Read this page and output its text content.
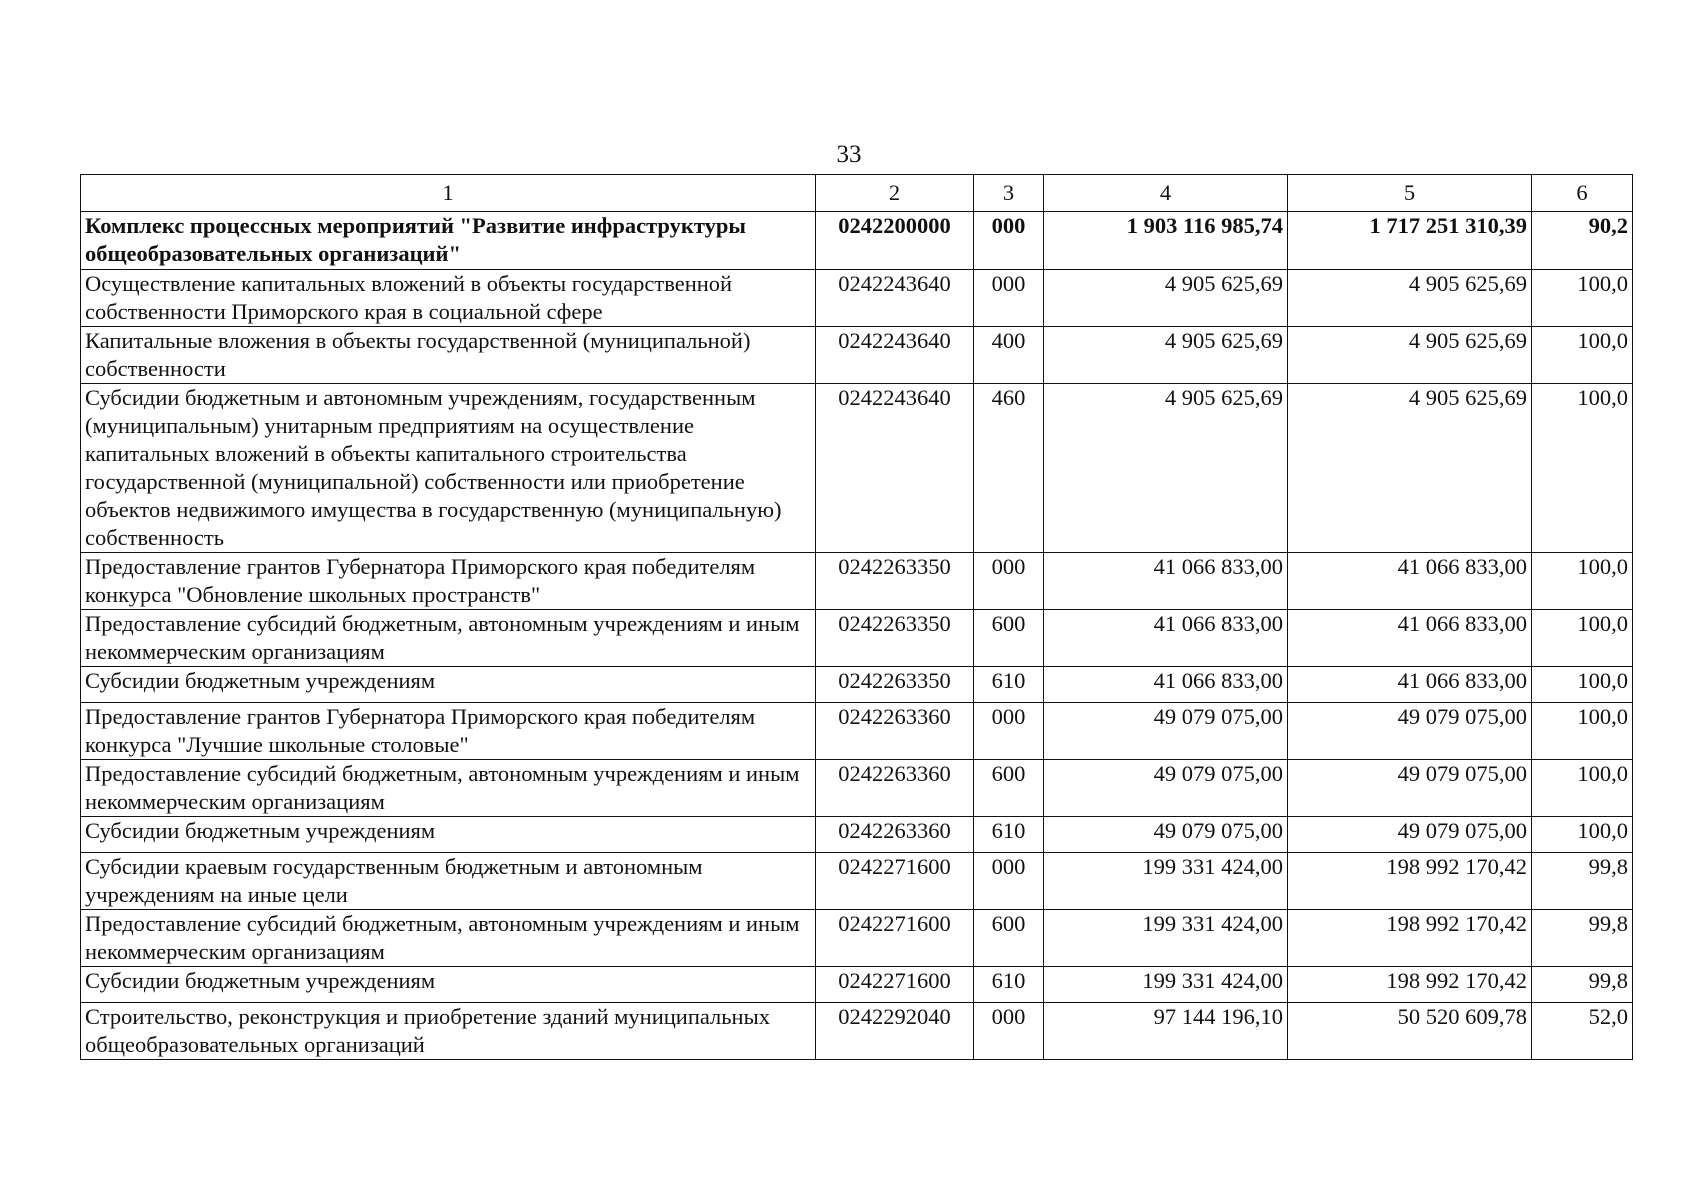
33
1	2	3	4	5	6
Комплекс процессных мероприятий "Развитие инфраструктуры общеобразовательных организаций"	0242200000	000	1 903 116 985,74	1 717 251 310,39	90,2
Осуществление капитальных вложений в объекты государственной собственности Приморского края в социальной сфере	0242243640	000	4 905 625,69	4 905 625,69	100,0
Капитальные вложения в объекты государственной (муниципальной) собственности	0242243640	400	4 905 625,69	4 905 625,69	100,0
Субсидии бюджетным и автономным учреждениям, государственным (муниципальным) унитарным предприятиям на осуществление капитальных вложений в объекты капитального строительства государственной (муниципальной) собственности или приобретение объектов недвижимого имущества в государственную (муниципальную) собственность	0242243640	460	4 905 625,69	4 905 625,69	100,0
Предоставление грантов Губернатора Приморского края победителям конкурса "Обновление школьных пространств"	0242263350	000	41 066 833,00	41 066 833,00	100,0
Предоставление субсидий бюджетным, автономным учреждениям и иным некоммерческим организациям	0242263350	600	41 066 833,00	41 066 833,00	100,0
Субсидии бюджетным учреждениям	0242263350	610	41 066 833,00	41 066 833,00	100,0
Предоставление грантов Губернатора Приморского края победителям конкурса "Лучшие школьные столовые"	0242263360	000	49 079 075,00	49 079 075,00	100,0
Предоставление субсидий бюджетным, автономным учреждениям и иным некоммерческим организациям	0242263360	600	49 079 075,00	49 079 075,00	100,0
Субсидии бюджетным учреждениям	0242263360	610	49 079 075,00	49 079 075,00	100,0
Субсидии краевым государственным бюджетным и автономным учреждениям на иные цели	0242271600	000	199 331 424,00	198 992 170,42	99,8
Предоставление субсидий бюджетным, автономным учреждениям и иным некоммерческим организациям	0242271600	600	199 331 424,00	198 992 170,42	99,8
Субсидии бюджетным учреждениям	0242271600	610	199 331 424,00	198 992 170,42	99,8
Строительство, реконструкция и приобретение зданий муниципальных общеобразовательных организаций	0242292040	000	97 144 196,10	50 520 609,78	52,0
